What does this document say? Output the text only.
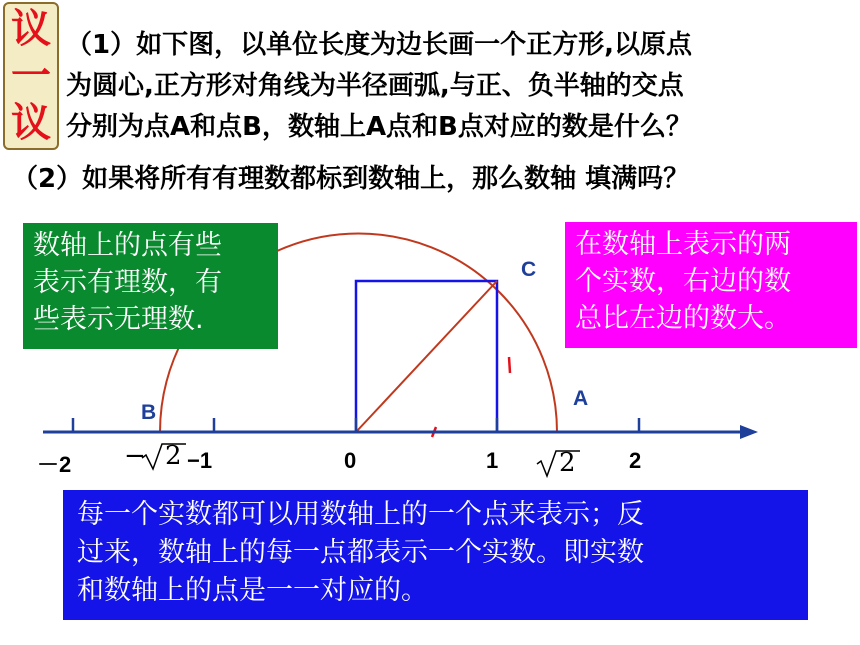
议
一
议
（1）如下图，以单位长度为边长画一个正方形,以原点
为圆心,正方形对角线为半径画弧,与正、负半轴的交点
分别为点A和点B，数轴上A点和B点对应的数是什么？
（2）如果将所有有理数都标到数轴上，那么数轴 填满吗？
C
A
B
－2 − 2 −1	0	1 2 2
数轴上的点有些
表示有理数，有
些表示无理数.
在数轴上表示的两
个实数，右边的数
总比左边的数大。
每一个实数都可以用数轴上的一个点来表示；反
过来，数轴上的每一点都表示一个实数。即实数
和数轴上的点是一一对应的。
